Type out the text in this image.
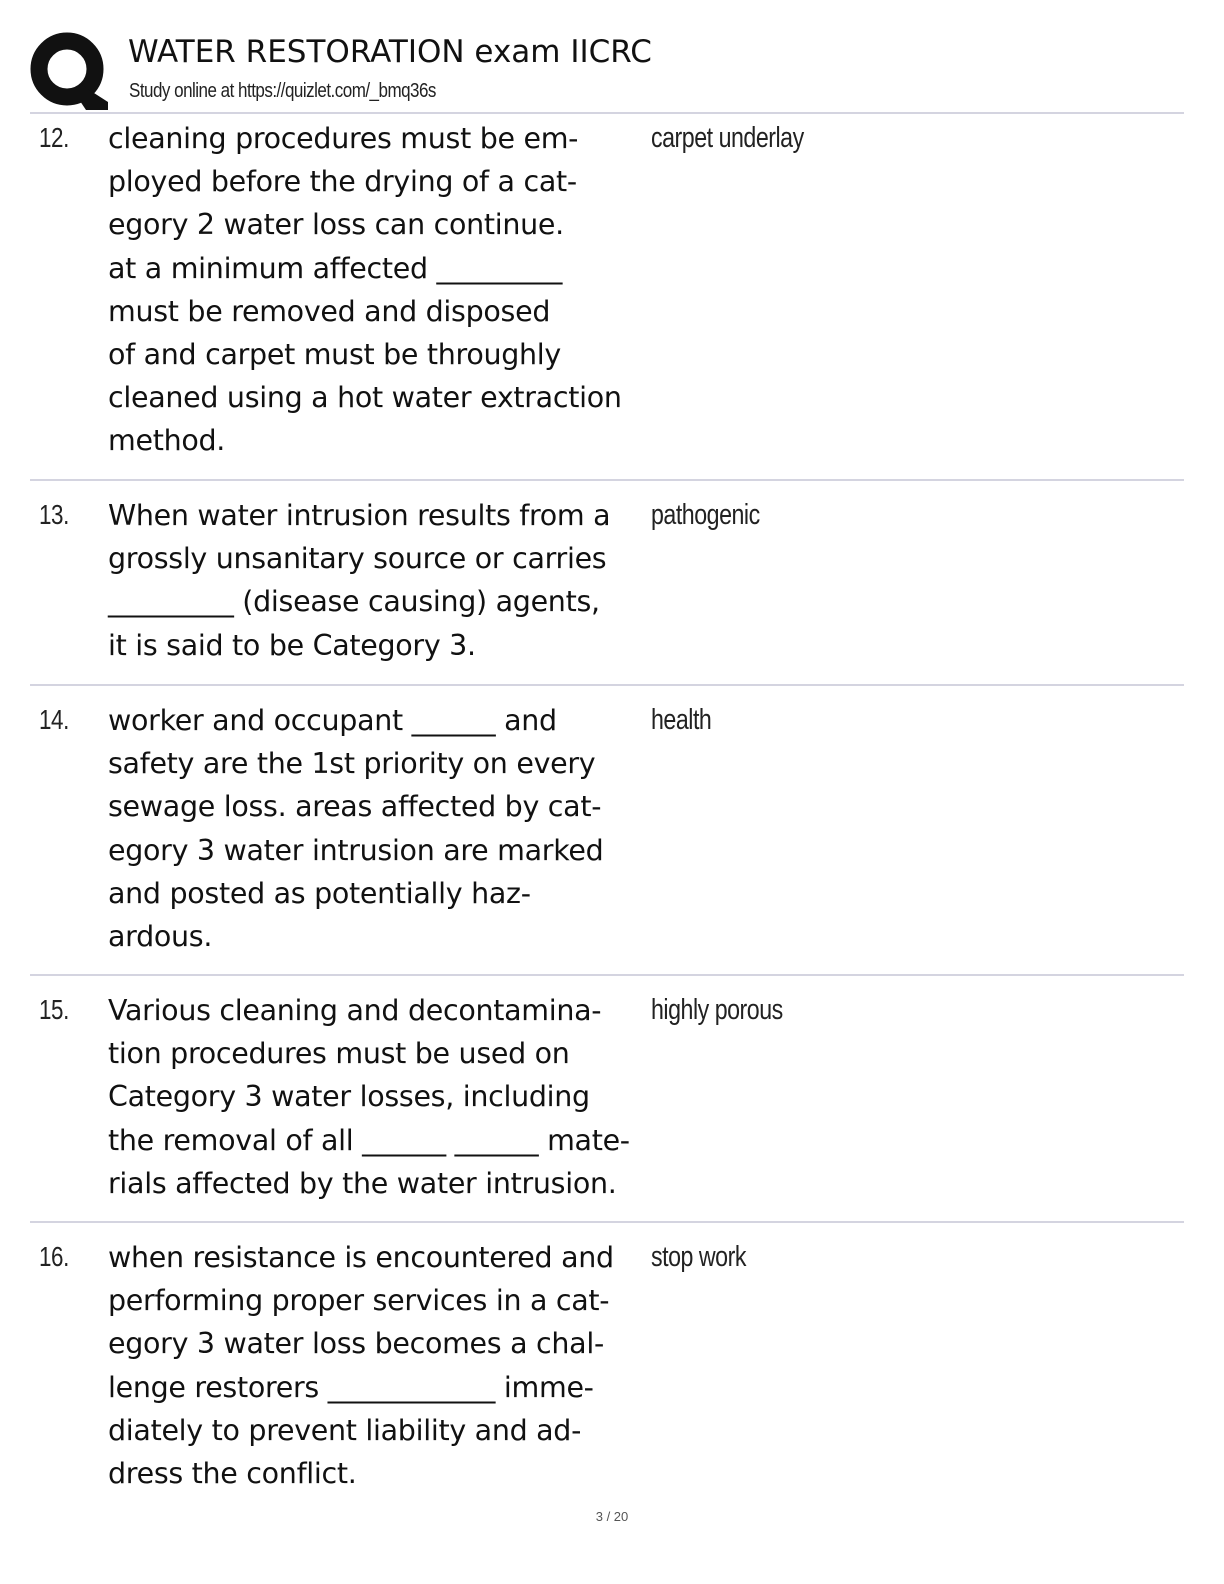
WATER RESTORATION exam IICRC
Study online at https://quizlet.com/_bmq36s
12. cleaning procedures must be em-
ployed before the drying of a cat-
egory 2 water loss can continue.
at a minimum affected _________
must be removed and disposed
of and carpet must be throughly
cleaned using a hot water extraction
method.
carpet underlay
13. When water intrusion results from a
grossly unsanitary source or carries
_________ (disease causing) agents,
it is said to be Category 3.
pathogenic
14. worker and occupant ______ and
safety are the 1st priority on every
sewage loss. areas affected by cat-
egory 3 water intrusion are marked
and posted as potentially haz-
ardous.
health
15. Various cleaning and decontamina-
tion procedures must be used on
Category 3 water losses, including
the removal of all ______ ______ mate-
rials affected by the water intrusion.
highly porous
16. when resistance is encountered and
performing proper services in a cat-
egory 3 water loss becomes a chal-
lenge restorers ____________ imme-
diately to prevent liability and ad-
dress the conflict.
stop work
3 / 20
